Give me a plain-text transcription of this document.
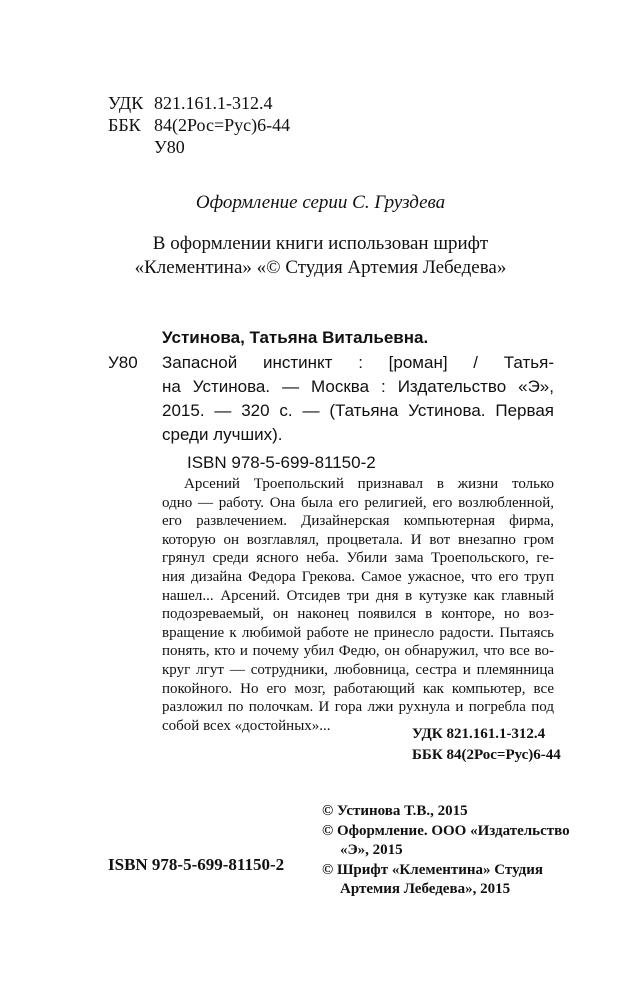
УДК 821.161.1-312.4
ББК 84(2Рос=Рус)6-44
У80
Оформление серии С. Груздева
В оформлении книги использован шрифт
«Клементина» «© Студия Артемия Лебедева»
Устинова, Татьяна Витальевна.
У80 Запасной инстинкт : [роман] / Татья-
на Устинова. — Москва : Издательство «Э»,
2015. — 320 с. — (Татьяна Устинова. Первая
среди лучших).
ISBN 978-5-699-81150-2
Арсений Троепольский признавал в жизни только
одно — работу. Она была его религией, его возлюбленной,
его развлечением. Дизайнерская компьютерная фирма,
которую он возглавлял, процветала. И вот внезапно гром
грянул среди ясного неба. Убили зама Троепольского, ге-
ния дизайна Федора Грекова. Самое ужасное, что его труп
нашел... Арсений. Отсидев три дня в кутузке как главный
подозреваемый, он наконец появился в конторе, но воз-
вращение к любимой работе не принесло радости. Пытаясь
понять, кто и почему убил Федю, он обнаружил, что все во-
круг лгут — сотрудники, любовница, сестра и племянница
покойного. Но его мозг, работающий как компьютер, все
разложил по полочкам. И гора лжи рухнула и погребла под
собой всех «достойных»...
УДК 821.161.1-312.4
ББК 84(2Рос=Рус)6-44
© Устинова Т.В., 2015
© Оформление. ООО «Издательство
«Э», 2015
© Шрифт «Клементина» Студия
Артемия Лебедева», 2015
ISBN 978-5-699-81150-2
